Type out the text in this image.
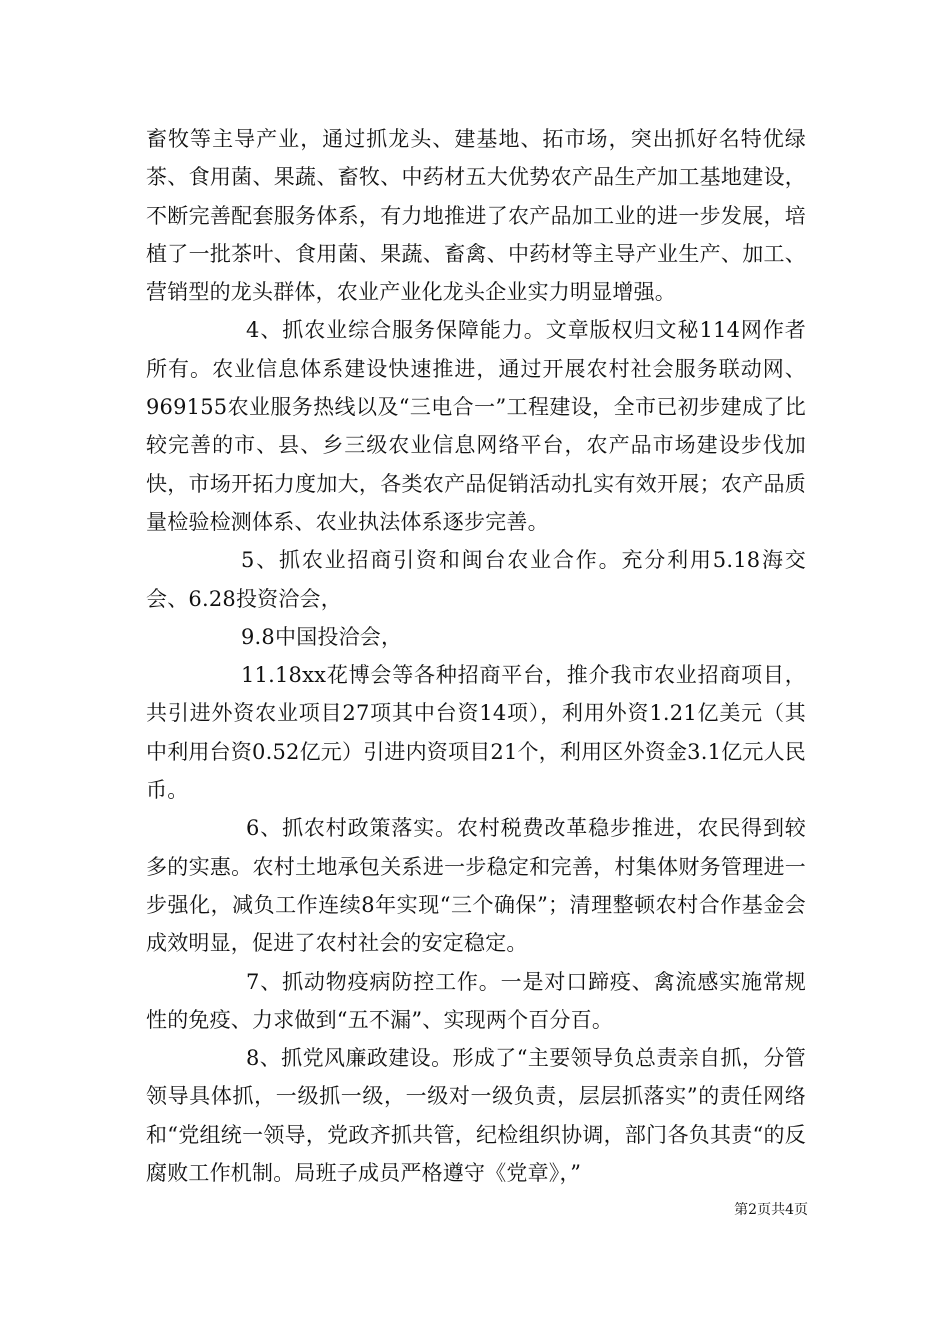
畜牧等主导产业，通过抓龙头、建基地、拓市场，突出抓好名特优绿茶、食用菌、果蔬、畜牧、中药材五大优势农产品生产加工基地建设，不断完善配套服务体系，有力地推进了农产品加工业的进一步发展，培植了一批茶叶、食用菌、果蔬、畜禽、中药材等主导产业生产、加工、营销型的龙头群体，农业产业化龙头企业实力明显增强。

4、抓农业综合服务保障能力。文章版权归文秘114网作者所有。农业信息体系建设快速推进，通过开展农村社会服务联动网、969155农业服务热线以及“三电合一”工程建设，全市已初步建成了比较完善的市、县、乡三级农业信息网络平台，农产品市场建设步伐加快，市场开拓力度加大，各类农产品促销活动扎实有效开展；农产品质量检验检测体系、农业执法体系逐步完善。

5、抓农业招商引资和闽台农业合作。充分利用5.18海交会、6.28投资洽会，

9.8中国投洽会，

11.18xx花博会等各种招商平台，推介我市农业招商项目，共引进外资农业项目27项其中台资14项），利用外资1.21亿美元（其中利用台资0.52亿元）引进内资项目21个，利用区外资金3.1亿元人民币。

6、抓农村政策落实。农村税费改革稳步推进，农民得到较多的实惠。农村土地承包关系进一步稳定和完善，村集体财务管理进一步强化，减负工作连续8年实现“三个确保”；清理整顿农村合作基金会成效明显，促进了农村社会的安定稳定。

7、抓动物疫病防控工作。一是对口蹄疫、禽流感实施常规性的免疫、力求做到“五不漏”、实现两个百分百。

8、抓党风廉政建设。形成了“主要领导负总责亲自抓，分管领导具体抓，一级抓一级，一级对一级负责，层层抓落实”的责任网络和“党组统一领导，党政齐抓共管，纪检组织协调，部门各负其责“的反腐败工作机制。局班子成员严格遵守《党章》，”

第2页共4页
